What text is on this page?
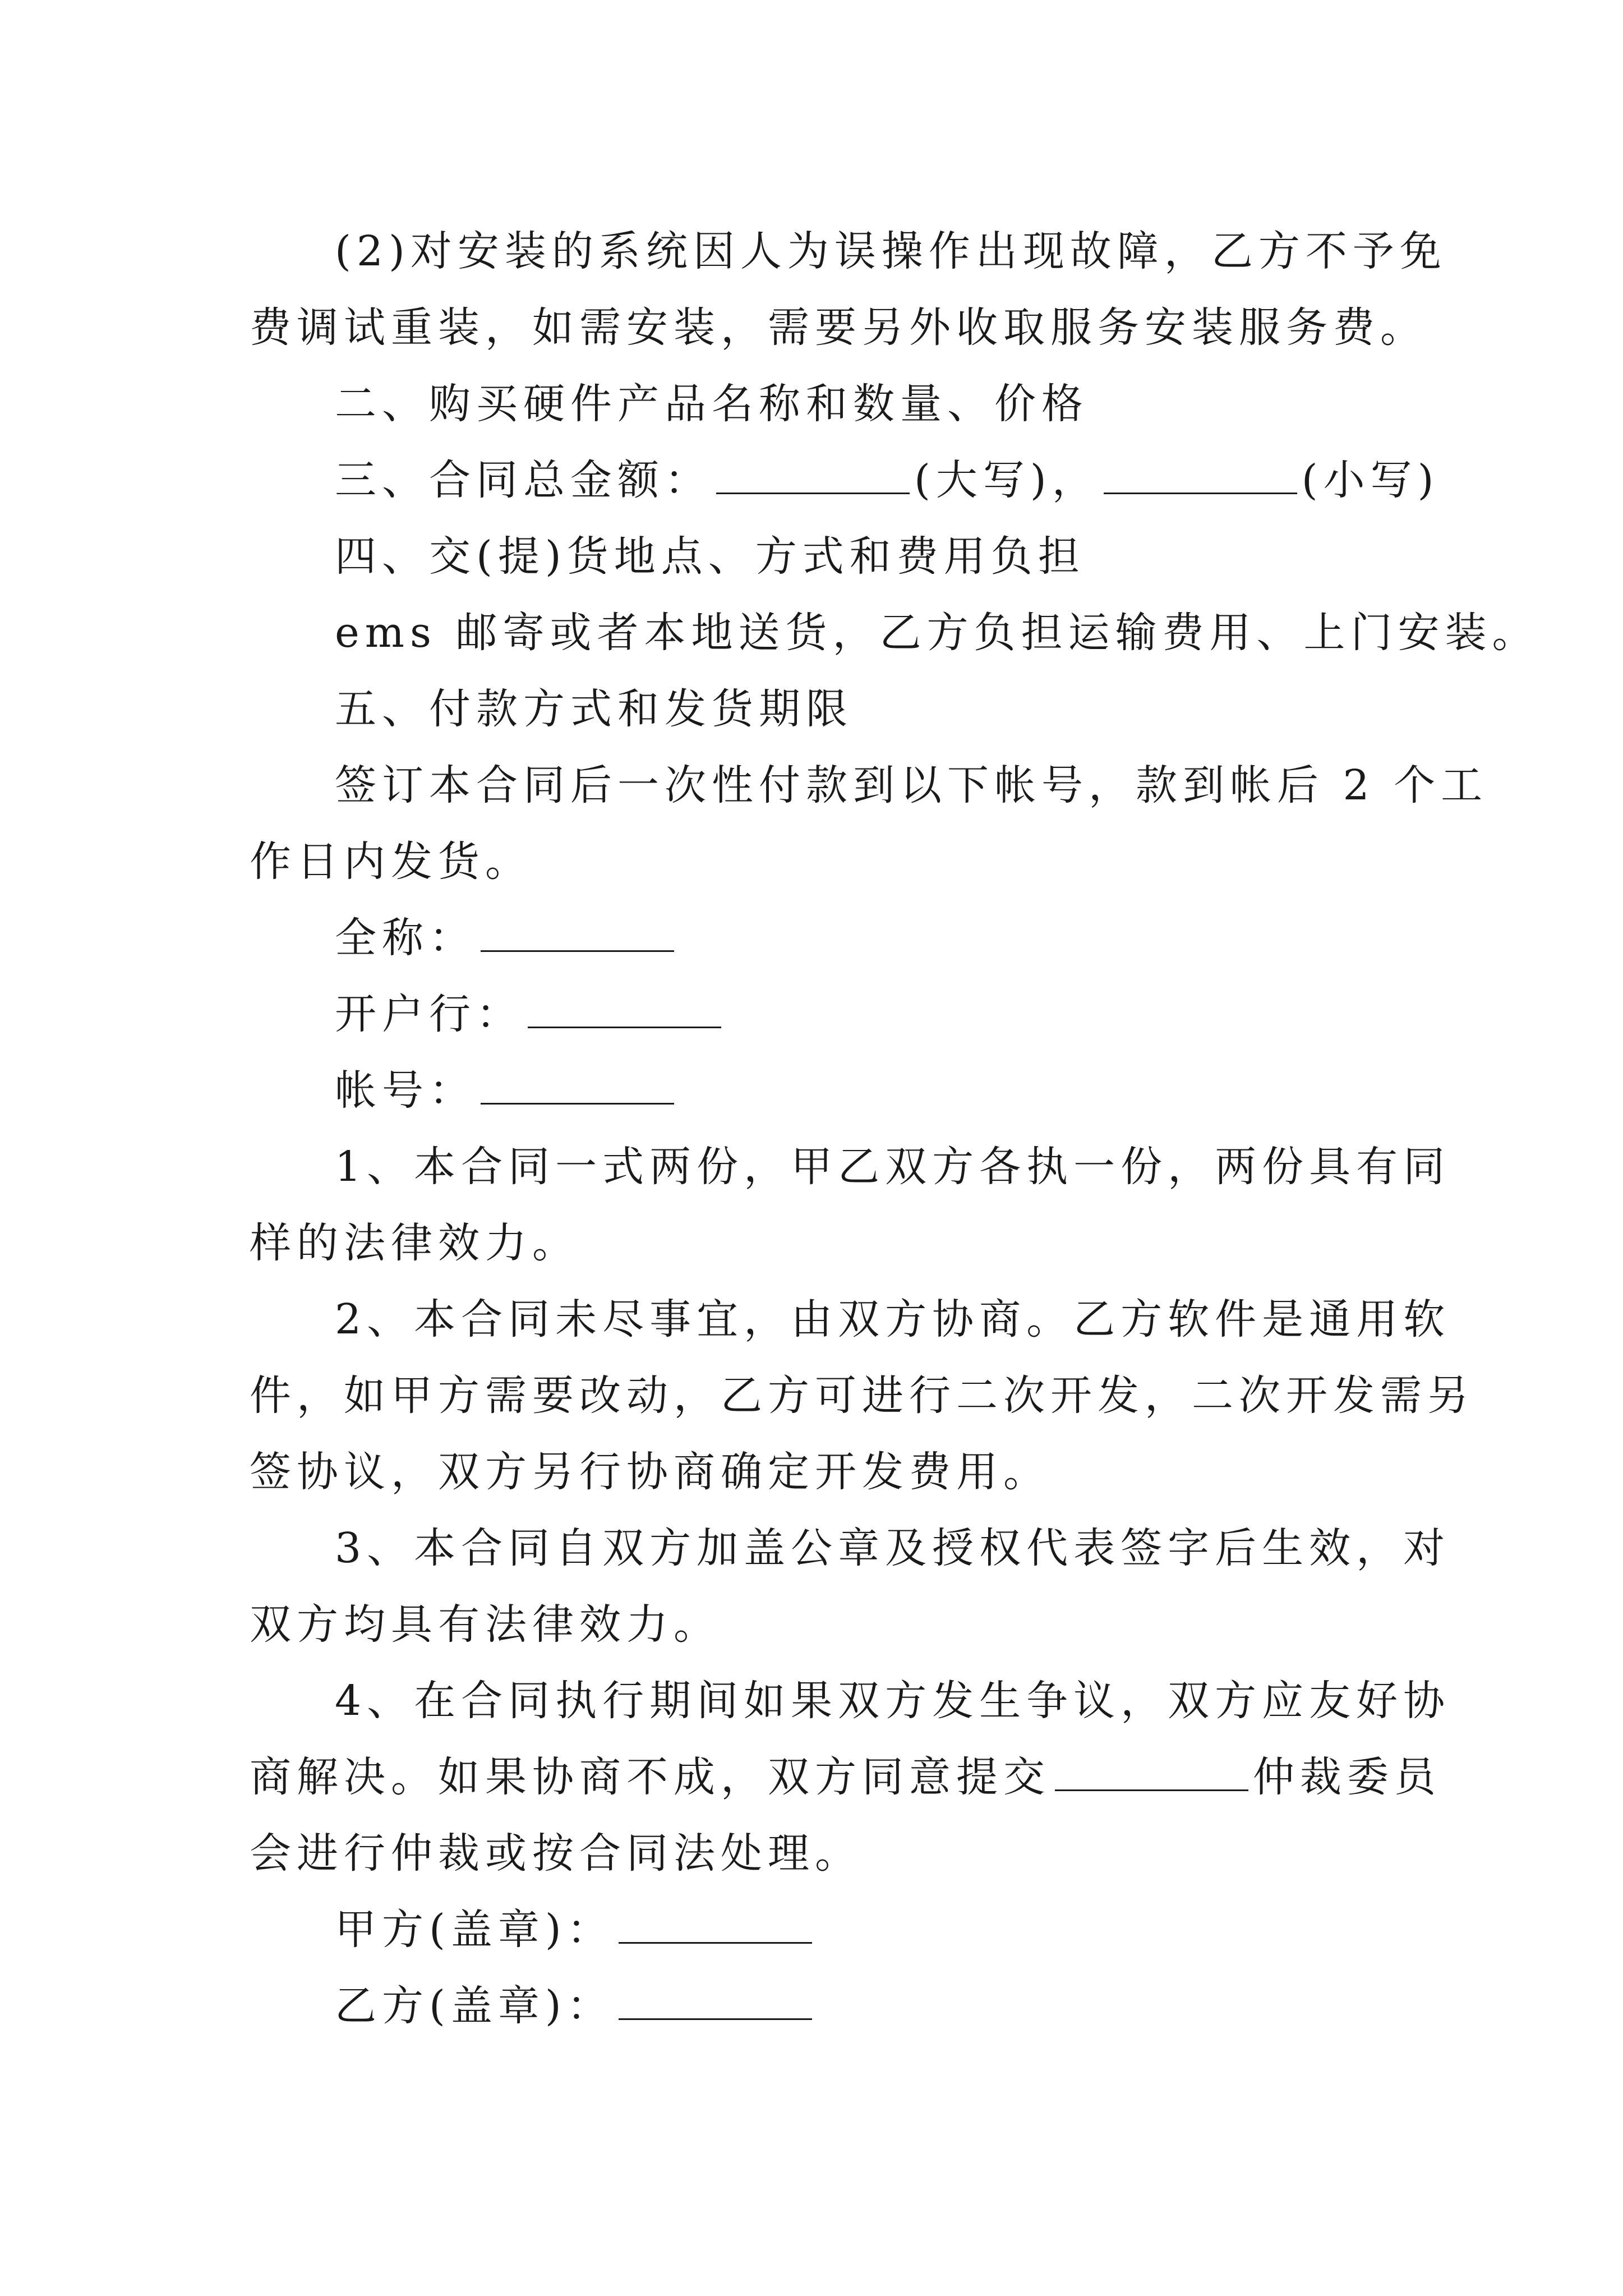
(2)对安装的系统因人为误操作出现故障，乙方不予免
费调试重装，如需安装，需要另外收取服务安装服务费。
二、购买硬件产品名称和数量、价格
三、合同总金额：	(大写)，	(小写)
四、交(提)货地点、方式和费用负担
ems 邮寄或者本地送货，乙方负担运输费用、上门安装。
五、付款方式和发货期限
签订本合同后一次性付款到以下帐号，款到帐后 2 个工
作日内发货。
全称：
开户行：
帐号：
1、本合同一式两份，甲乙双方各执一份，两份具有同
样的法律效力。
2、本合同未尽事宜，由双方协商。乙方软件是通用软
件，如甲方需要改动，乙方可进行二次开发，二次开发需另
签协议，双方另行协商确定开发费用。
3、本合同自双方加盖公章及授权代表签字后生效，对
双方均具有法律效力。
4、在合同执行期间如果双方发生争议，双方应友好协
商解决。如果协商不成，双方同意提交	仲裁委员
会进行仲裁或按合同法处理。
甲方(盖章)：
乙方(盖章)：
